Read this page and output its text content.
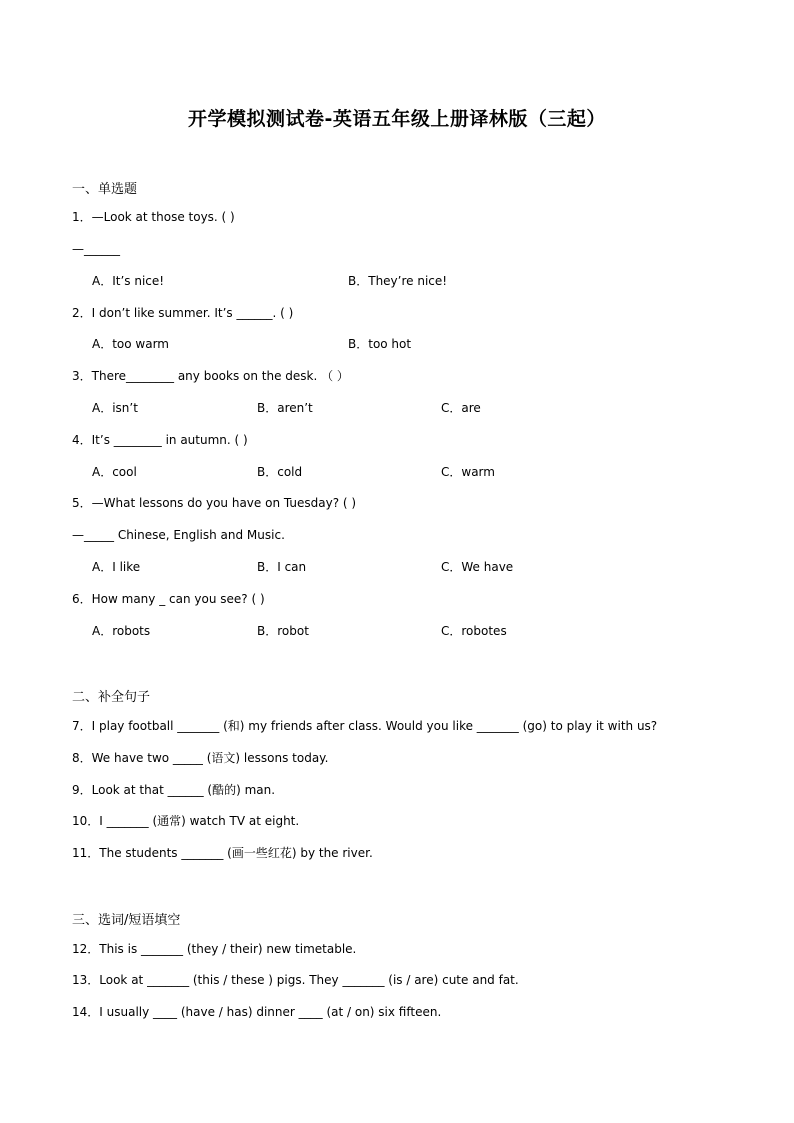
开学模拟测试卷-英语五年级上册译林版（三起）
一、单选题
1．—Look at those toys. ( )
—______
A．It’s nice!	B．They’re nice!
2．I don’t like summer. It’s ______. ( )
A．too warm	B．too hot
3．There________ any books on the desk. （ ）
A．isn’t	B．aren’t	C．are
4．It’s ________ in autumn. ( )
A．cool	B．cold	C．warm
5．—What lessons do you have on Tuesday? ( )
—_____ Chinese, English and Music.
A．I like	B．I can	C．We have
6．How many _ can you see? ( )
A．robots	B．robot	C．robotes
二、补全句子
7．I play football _______ (和) my friends after class. Would you like _______ (go) to play it with us?
8．We have two _____ (语文) lessons today.
9．Look at that ______ (酷的) man.
10．I _______ (通常) watch TV at eight.
11．The students _______ (画一些红花) by the river.
三、选词/短语填空
12．This is _______ (they / their) new timetable.
13．Look at _______ (this / these ) pigs. They _______ (is / are) cute and fat.
14．I usually ____ (have / has) dinner ____ (at / on) six fifteen.
